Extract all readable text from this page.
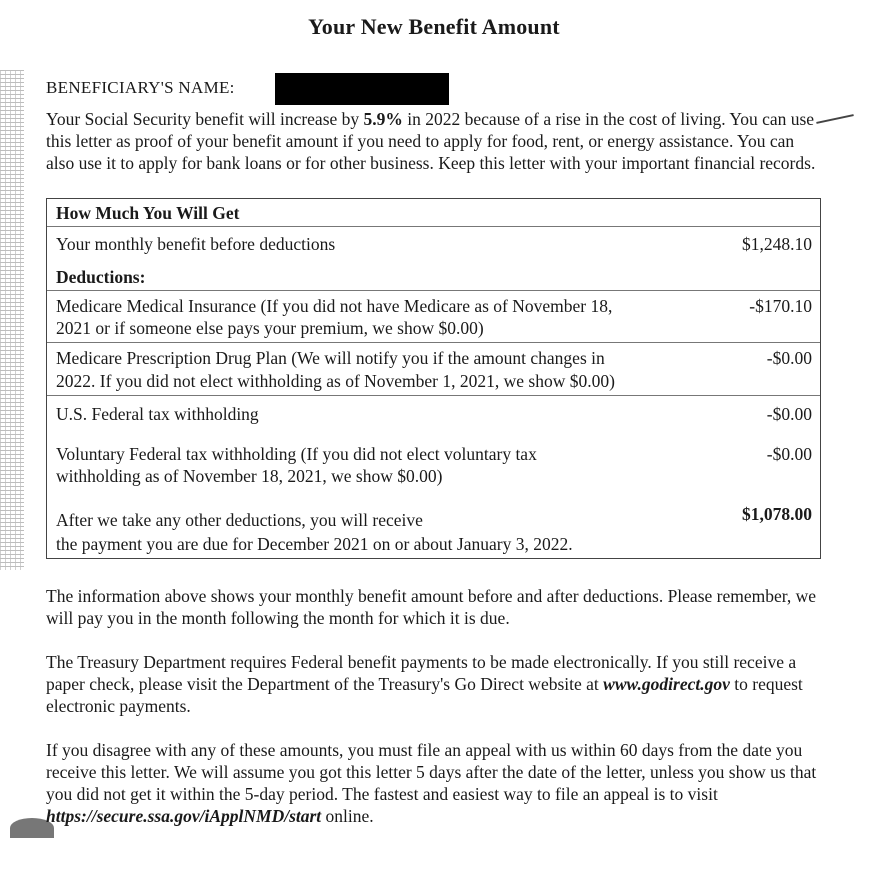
Your New Benefit Amount
BENEFICIARY'S NAME:
Your Social Security benefit will increase by 5.9% in 2022 because of a rise in the cost of living. You can use this letter as proof of your benefit amount if you need to apply for food, rent, or energy assistance. You can also use it to apply for bank loans or for other business. Keep this letter with your important financial records.
How Much You Will Get
Your monthly benefit before deductions	$1,248.10
Deductions:
Medicare Medical Insurance (If you did not have Medicare as of November 18,
2021 or if someone else pays your premium, we show $0.00)
-$170.10
Medicare Prescription Drug Plan (We will notify you if the amount changes in
2022. If you did not elect withholding as of November 1, 2021, we show $0.00)
-$0.00
U.S. Federal tax withholding	-$0.00
Voluntary Federal tax withholding (If you did not elect voluntary tax
withholding as of November 18, 2021, we show $0.00)
-$0.00
After we take any other deductions, you will receive
the payment you are due for December 2021 on or about January 3, 2022.
$1,078.00
The information above shows your monthly benefit amount before and after deductions. Please remember, we will pay you in the month following the month for which it is due.
The Treasury Department requires Federal benefit payments to be made electronically. If you still receive a paper check, please visit the Department of the Treasury's Go Direct website at www.godirect.gov to request electronic payments.
If you disagree with any of these amounts, you must file an appeal with us within 60 days from the date you receive this letter. We will assume you got this letter 5 days after the date of the letter, unless you show us that you did not get it within the 5-day period. The fastest and easiest way to file an appeal is to visit https://secure.ssa.gov/iApplNMD/start online.
